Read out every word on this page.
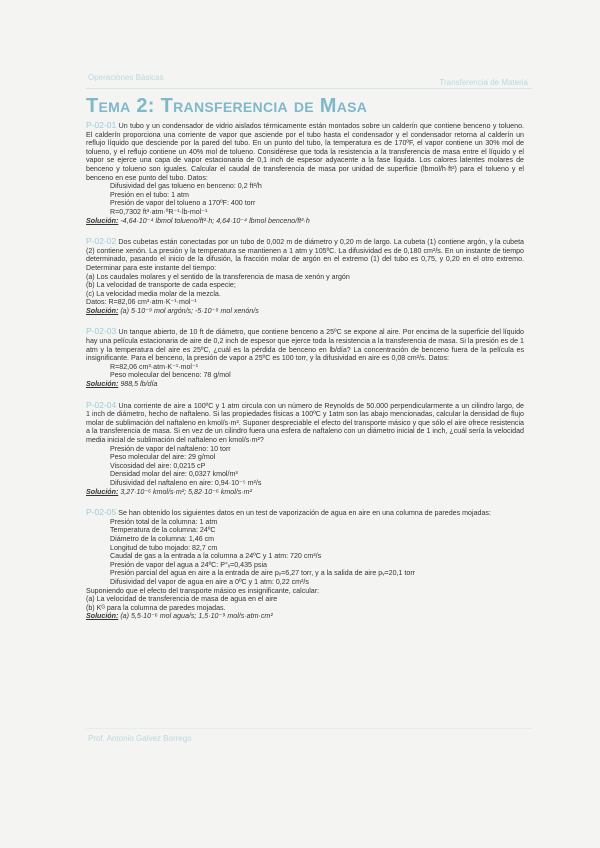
Operaciones Básicas
Transferencia de Materia
Tema 2: Transferencia de Masa
P-02-01 Un tubo y un condensador de vidrio aislados térmicamente están montados sobre un calderín que contiene benceno y tolueno. El calderín proporciona una corriente de vapor que asciende por el tubo hasta el condensador y el condensador retorna al calderín un reflujo líquido que desciende por la pared del tubo. En un punto del tubo, la temperatura es de 170ºF, el vapor contiene un 30% mol de tolueno, y el reflujo contiene un 40% mol de tolueno. Considérese que toda la resistencia a la transferencia de masa entre el líquido y el vapor se ejerce una capa de vapor estacionaria de 0,1 inch de espesor adyacente a la fase líquida. Los calores latentes molares de benceno y tolueno son iguales. Calcular el caudal de transferencia de masa por unidad de superficie (lbmol/h·ft²) para el tolueno y el benceno en ese punto del tubo. Datos:
Difusividad del gas tolueno en benceno: 0,2 ft²/h
Presión en el tubo: 1 atm
Presión de vapor del tolueno a 170ºF: 400 torr
R=0,7302 ft³·atm·ºR⁻¹·lb-mol⁻¹
Solución: -4,64·10⁻⁴ lbmol tolueno/ft²·h; 4,64·10⁻⁴ lbmol benceno/ft²·h
P-02-02 Dos cubetas están conectadas por un tubo de 0,002 m de diámetro y 0,20 m de largo. La cubeta (1) contiene argón, y la cubeta (2) contiene xenón. La presión y la temperatura se mantienen a 1 atm y 105ºC. La difusividad es de 0,180 cm²/s. En un instante de tiempo determinado, pasando el inicio de la difusión, la fracción molar de argón en el extremo (1) del tubo es 0,75, y 0,20 en el otro extremo. Determinar para este instante del tiempo:
(a) Los caudales molares y el sentido de la transferencia de masa de xenón y argón
(b) La velocidad de transporte de cada especie;
(c) La velocidad media molar de la mezcla.
Datos: R=82,06 cm³·atm·K⁻¹·mol⁻¹
Solución: (a) 5·10⁻⁹ mol argón/s; -5·10⁻⁹ mol xenón/s
P-02-03 Un tanque abierto, de 10 ft de diámetro, que contiene benceno a 25ºC se expone al aire. Por encima de la superficie del líquido hay una película estacionaria de aire de 0,2 inch de espesor que ejerce toda la resistencia a la transferencia de masa. Si la presión es de 1 atm y la temperatura del aire es 25ºC, ¿cuál es la pérdida de benceno en lb/día? La concentración de benceno fuera de la película es insignificante. Para el benceno, la presión de vapor a 25ºC es 100 torr, y la difusividad en aire es 0,08 cm²/s. Datos:
R=82,06 cm³·atm·K⁻¹·mol⁻¹
Peso molecular del benceno: 78 g/mol
Solución: 988,5 lb/día
P-02-04 Una corriente de aire a 100ºC y 1 atm circula con un número de Reynolds de 50.000 perpendicularmente a un cilindro largo, de 1 inch de diámetro, hecho de naftaleno. Si las propiedades físicas a 100ºC y 1atm son las abajo mencionadas, calcular la densidad de flujo molar de sublimación del naftaleno en kmol/s·m². Suponer despreciable el efecto del transporte másico y que sólo el aire ofrece resistencia a la transferencia de masa. Si en vez de un cilindro fuera una esfera de naftaleno con un diámetro inicial de 1 inch, ¿cuál sería la velocidad media inicial de sublimación del naftaleno en kmol/s·m²?
Presión de vapor del naftaleno: 10 torr
Peso molecular del aire: 29 g/mol
Viscosidad del aire: 0,0215 cP
Densidad molar del aire: 0,0327 kmol/m³
Difusividad del naftaleno en aire: 0,94·10⁻⁵ m²/s
Solución: 3,27·10⁻⁶ kmol/s·m²; 5,82·10⁻⁶ kmol/s·m²
P-02-05 Se han obtenido los siguientes datos en un test de vaporización de agua en aire en una columna de paredes mojadas:
Presión total de la columna: 1 atm
Temperatura de la columna: 24ºC
Diámetro de la columna: 1,46 cm
Longitud de tubo mojado: 82,7 cm
Caudal de gas a la entrada a la columna a 24ºC y 1 atm: 720 cm³/s
Presión de vapor del agua a 24ºC: P°ᵥ=0,435 psia
Presión parcial del agua en aire a la entrada de aire pᵥ=6,27 torr, y a la salida de aire pᵥ=20,1 torr
Difusividad del vapor de agua en aire a 0ºC y 1 atm: 0,22 cm²/s
Suponiendo que el efecto del transporte másico es insignificante, calcular:
(a) La velocidad de transferencia de masa de agua en el aire
(b) Kᴳ para la columna de paredes mojadas.
Solución: (a) 5,5·10⁻⁶ mol agua/s; 1,5·10⁻⁹ mol/s·atm·cm²
Prof. Antonio Galvez Borrego
